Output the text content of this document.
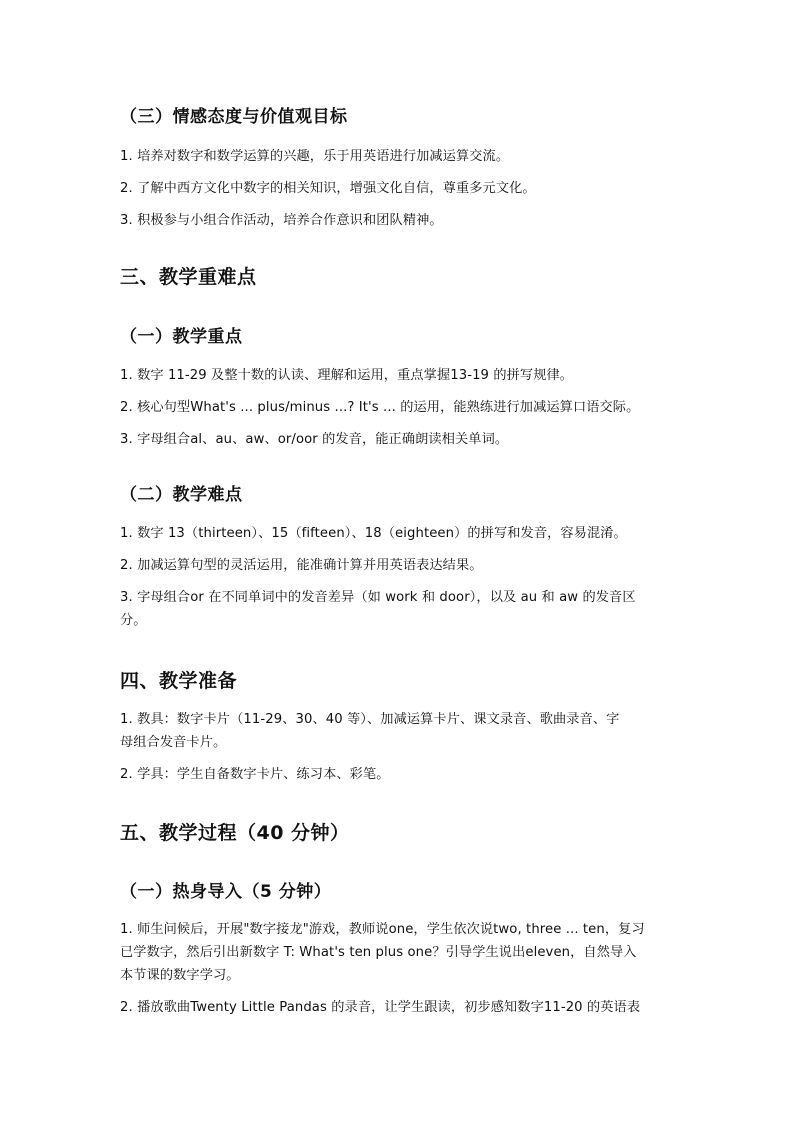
（三）情感态度与价值观目标
1. 培养对数字和数学运算的兴趣，乐于用英语进行加减运算交流。
2. 了解中西方文化中数字的相关知识，增强文化自信，尊重多元文化。
3. 积极参与小组合作活动，培养合作意识和团队精神。
三、教学重难点
（一）教学重点
1. 数字 11-29 及整十数的认读、理解和运用，重点掌握13-19 的拼写规律。
2. 核心句型What's ... plus/minus ...? It's ... 的运用，能熟练进行加减运算口语交际。
3. 字母组合al、au、aw、or/oor 的发音，能正确朗读相关单词。
（二）教学难点
1. 数字 13（thirteen）、15（fifteen）、18（eighteen）的拼写和发音，容易混淆。
2. 加减运算句型的灵活运用，能准确计算并用英语表达结果。
3. 字母组合or 在不同单词中的发音差异（如 work 和 door），以及 au 和 aw 的发音区
分。
四、教学准备
1. 教具：数字卡片（11-29、30、40 等）、加减运算卡片、课文录音、歌曲录音、字
母组合发音卡片。
2. 学具：学生自备数字卡片、练习本、彩笔。
五、教学过程（40 分钟）
（一）热身导入（5 分钟）
1. 师生问候后，开展"数字接龙"游戏，教师说one，学生依次说two, three ... ten，复习
已学数字，然后引出新数字 T: What's ten plus one？引导学生说出eleven，自然导入
本节课的数字学习。
2. 播放歌曲Twenty Little Pandas 的录音，让学生跟读，初步感知数字11-20 的英语表
